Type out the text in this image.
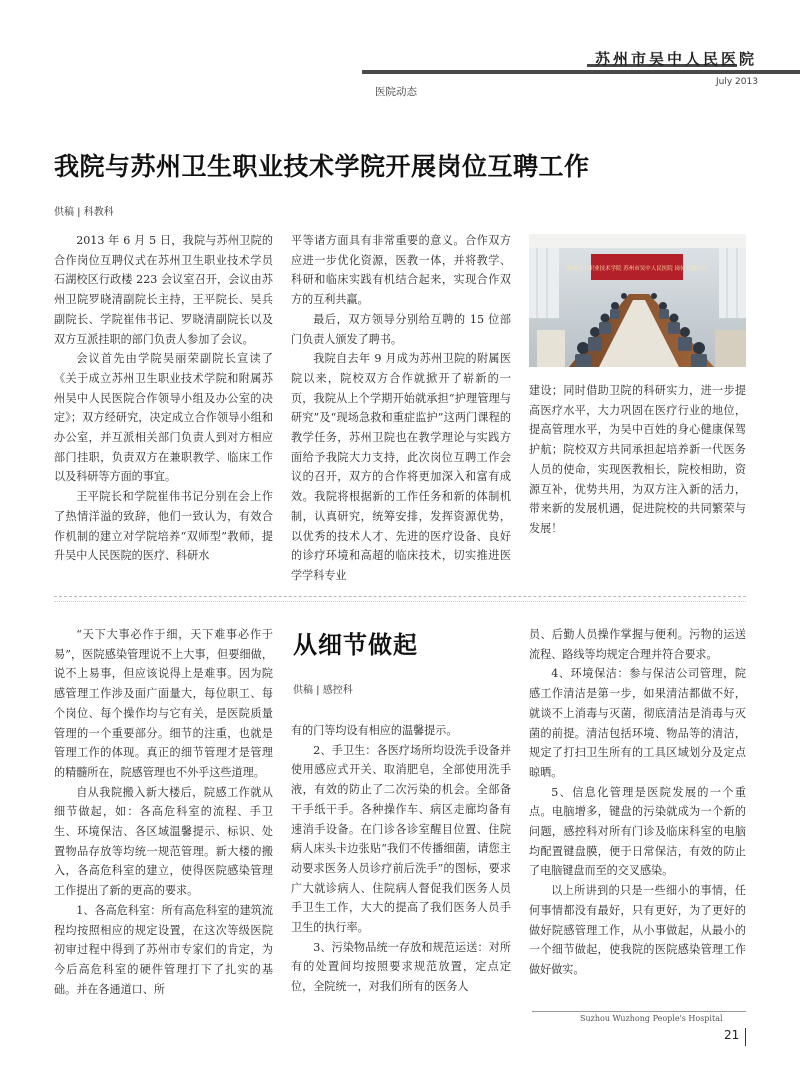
苏州市吴中人民医院
July 2013
医院动态
我院与苏州卫生职业技术学院开展岗位互聘工作
供稿 | 科教科

2013 年 6 月 5 日，我院与苏州卫院的合作岗位互聘仪式在苏州卫生职业技术学员石湖校区行政楼 223 会议室召开，会议由苏州卫院罗晓清副院长主持，王平院长、吴兵副院长、学院崔伟书记、罗晓清副院长以及双方互派挂职的部门负责人参加了会议。

会议首先由学院吴丽荣副院长宣读了《关于成立苏州卫生职业技术学院和附属苏州吴中人民医院合作领导小组及办公室的决定》；双方经研究，决定成立合作领导小组和办公室，并互派相关部门负责人到对方相应部门挂职，负责双方在兼职教学、临床工作以及科研等方面的事宜。

王平院长和学院崔伟书记分别在会上作了热情洋溢的致辞，他们一致认为，有效合作机制的建立对学院培养“双师型”教师，提升吴中人民医院的医疗、科研水

平等诸方面具有非常重要的意义。合作双方应进一步优化资源，医教一体，并将教学、科研和临床实践有机结合起来，实现合作双方的互利共赢。

最后，双方领导分别给互聘的 15 位部门负责人颁发了聘书。

我院自去年 9 月成为苏州卫院的附属医院以来，院校双方合作就掀开了崭新的一页，我院从上个学期开始就承担“护理管理与研究”及“现场急救和重症监护”这两门课程的教学任务，苏州卫院也在教学理论与实践方面给予我院大力支持，此次岗位互聘工作会议的召开，双方的合作将更加深入和富有成效。我院将根据新的工作任务和新的体制机制，认真研究，统筹安排，发挥资源优势，以优秀的技术人才、先进的医疗设备、良好的诊疗环境和高超的临床技术，切实推进医学学科专业

苏州卫生职业技术学院 苏州市吴中人民医院 岗位互聘仪式

建设；同时借助卫院的科研实力，进一步提高医疗水平，大力巩固在医疗行业的地位，提高管理水平，为吴中百姓的身心健康保驾护航；院校双方共同承担起培养新一代医务人员的使命，实现医教相长，院校相助，资源互补，优势共用，为双方注入新的活力，带来新的发展机遇，促进院校的共同繁荣与发展！

“天下大事必作于细，天下难事必作于易”，医院感染管理说不上大事，但要细做，说不上易事，但应该说得上是难事。因为院感管理工作涉及面广面量大，每位职工、每个岗位、每个操作均与它有关，是医院质量管理的一个重要部分。细节的注重，也就是管理工作的体现。真正的细节管理才是管理的精髓所在，院感管理也不外乎这些道理。

自从我院搬入新大楼后，院感工作就从细节做起，如：各高危科室的流程、手卫生、环境保洁、各区域温馨提示、标识、处置物品存放等均统一规范管理。新大楼的搬入，各高危科室的建立，使得医院感染管理工作提出了新的更高的要求。

1、各高危科室：所有高危科室的建筑流程均按照相应的规定设置，在这次等级医院初审过程中得到了苏州市专家们的肯定，为今后高危科室的硬件管理打下了扎实的基础。并在各通道口、所

从细节做起
供稿 | 感控科

有的门等均设有相应的温馨提示。

2、手卫生：各医疗场所均设洗手设备并使用感应式开关、取消肥皂，全部使用洗手液，有效的防止了二次污染的机会。全部备干手纸干手。各种操作车、病区走廊均备有速消手设备。在门诊各诊室醒目位置、住院病人床头卡边张贴“我们不传播细菌，请您主动要求医务人员诊疗前后洗手”的图标，要求广大就诊病人、住院病人督促我们医务人员手卫生工作，大大的提高了我们医务人员手卫生的执行率。

3、污染物品统一存放和规范运送：对所有的处置间均按照要求规范放置，定点定位，全院统一，对我们所有的医务人

员、后勤人员操作掌握与便利。污物的运送流程、路线等均规定合理并符合要求。

4、环境保洁：参与保洁公司管理，院感工作清洁是第一步，如果清洁都做不好，就谈不上消毒与灭菌，彻底清洁是消毒与灭菌的前提。清洁包括环境、物品等的清洁，规定了打扫卫生所有的工具区域划分及定点晾晒。

5、信息化管理是医院发展的一个重点。电脑增多，键盘的污染就成为一个新的问题，感控科对所有门诊及临床科室的电脑均配置键盘膜，便于日常保洁，有效的防止了电脑键盘而至的交叉感染。

以上所讲到的只是一些细小的事情，任何事情都没有最好，只有更好，为了更好的做好院感管理工作，从小事做起，从最小的一个细节做起，使我院的医院感染管理工作做好做实。

Suzhou Wuzhong People's Hospital
21
